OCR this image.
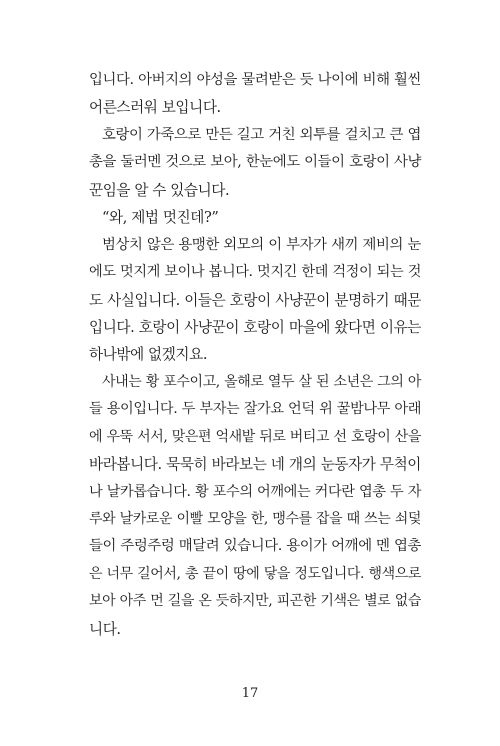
입니다. 아버지의 야성을 물려받은 듯 나이에 비해 훨씬
어른스러워 보입니다.
호랑이 가죽으로 만든 길고 거친 외투를 걸치고 큰 엽
총을 둘러멘 것으로 보아, 한눈에도 이들이 호랑이 사냥
꾼임을 알 수 있습니다.
“와, 제법 멋진데?”
범상치 않은 용맹한 외모의 이 부자가 새끼 제비의 눈
에도 멋지게 보이나 봅니다. 멋지긴 한데 걱정이 되는 것
도 사실입니다. 이들은 호랑이 사냥꾼이 분명하기 때문
입니다. 호랑이 사냥꾼이 호랑이 마을에 왔다면 이유는
하나밖에 없겠지요.
사내는 황 포수이고, 올해로 열두 살 된 소년은 그의 아
들 용이입니다. 두 부자는 잘가요 언덕 위 꿀밤나무 아래
에 우뚝 서서, 맞은편 억새밭 뒤로 버티고 선 호랑이 산을
바라봅니다. 묵묵히 바라보는 네 개의 눈동자가 무척이
나 날카롭습니다. 황 포수의 어깨에는 커다란 엽총 두 자
루와 날카로운 이빨 모양을 한, 맹수를 잡을 때 쓰는 쇠덫
들이 주렁주렁 매달려 있습니다. 용이가 어깨에 멘 엽총
은 너무 길어서, 총 끝이 땅에 닿을 정도입니다. 행색으로
보아 아주 먼 길을 온 듯하지만, 피곤한 기색은 별로 없습
니다.
17
